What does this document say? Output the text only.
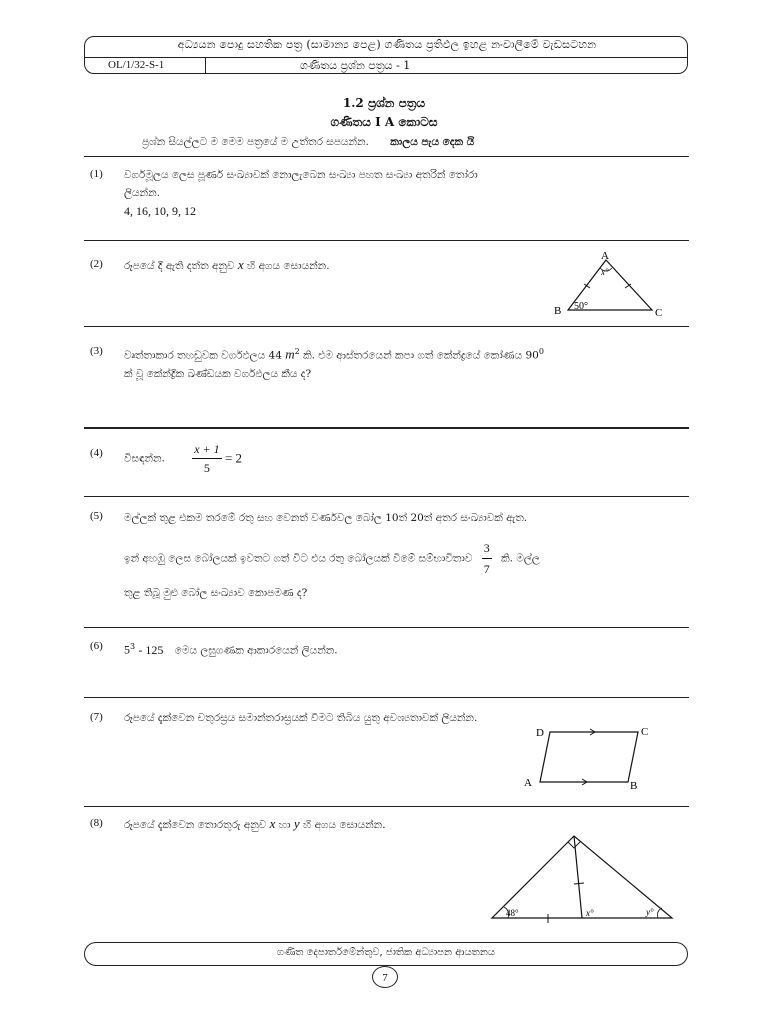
අධ්‍යයන පොදු සහතික පත්‍ර (සාමාන්‍ය පෙළ) ගණිතය ප්‍රතිඵල ඉහළ නංවාලීමේ වැඩසටහන
OL/1/32-S-1	ගණිතය ප්‍රශ්න පත්‍රය - 1
1.2 ප්‍රශ්න පත්‍රය
ගණිතය I A කොටස
ප්‍රශ්න සියල්ලට ම මෙම පත්‍රයේ ම උත්තර සපයන්න. කාලය පැය දෙක යි
(1) වර්ගමූලය ලෙස පූර්ණ සංඛ්‍යාවක් නොලැබෙන සංඛ්‍යා පහත සංඛ්‍යා අතරින් තෝරා
ලියන්න.
4, 16, 10, 9, 12
(2) රූපයේ දී ඇති දත්ත අනුව x හි අගය සොයන්න.
A
B	C
x°
50°
(3) වෘත්තාකාර තහඩුවක වර්ගඵලය 44 $m^2$ කි. එම ආස්තරයෙන් කපා ගත් කේන්ද්‍රයේ කෝණය $90^0$
ක් වූ කේන්ද්‍රික ඛණ්ඩයක වර්ගඵලය කීය ද?
(4) විසඳන්න. $\frac{x + 1}{5} = 2$
(5) මල්ලක් තුළ එකම තරමේ රතු සහ වෙනත් වර්ණවල බෝල 10ත් 20ත් අතර සංඛ්‍යාවක් ඇත.
ඉන් අහඹු ලෙස බෝලයක් ඉවතට ගත් විට එය රතු බෝලයක් වීමේ සම්භාවිතාව $\frac{3}{7}$ කි. මල්ල
තුළ තිබූ මුළු බෝල සංඛ්‍යාව කොපමණ ද?
(6) $5^3 - 125$ මෙය ලඝුගණක ආකාරයෙන් ලියන්න.
(7) රූපයේ දැක්වෙන චතුරස්‍රය සමාන්තරාස්‍රයක් වීමට තිබිය යුතු අවශ්‍යතාවක් ලියන්න.
D	C
A	B
(8) රූපයේ දැක්වෙන තොරතුරු අනුව x හා y හි අගය සොයන්න.
48°	x°	y°
ගණිත දෙපාර්තමේන්තුව, ජාතික අධ්‍යාපන ආයතනය
7
